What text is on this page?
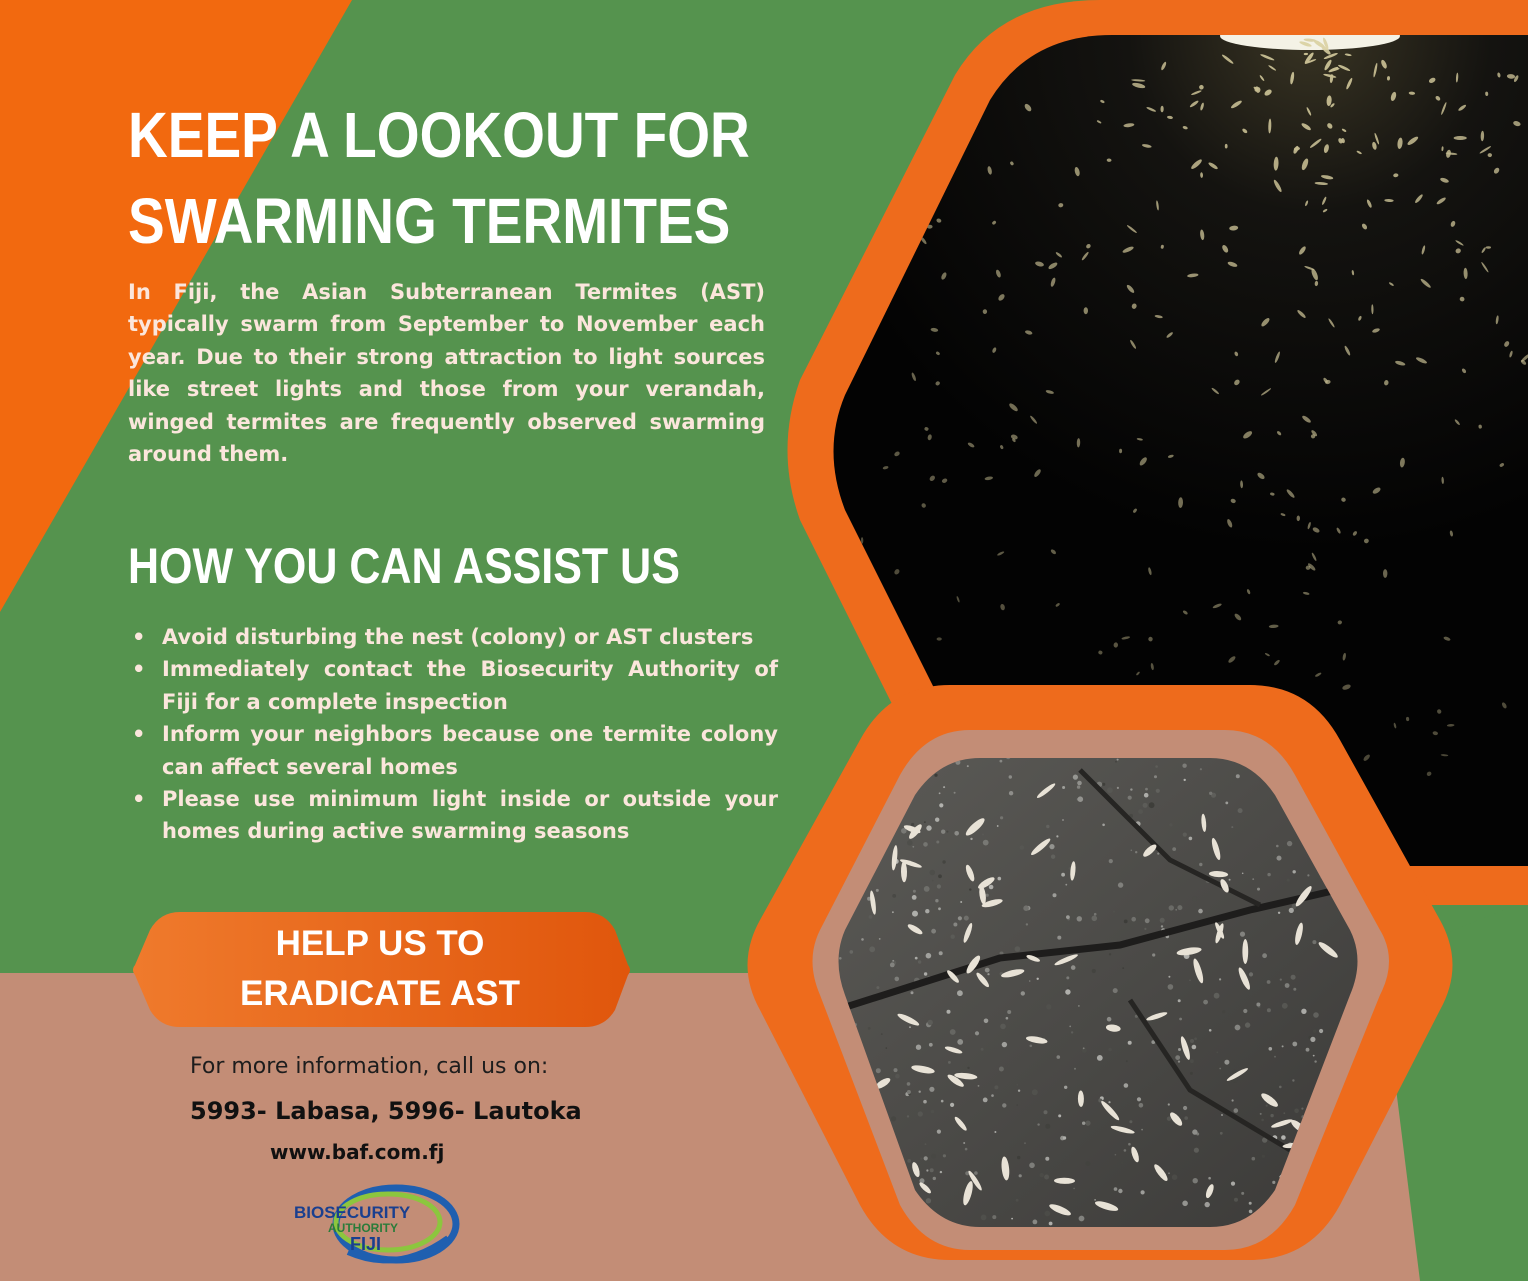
KEEP A LOOKOUT FOR
SWARMING TERMITES

In Fiji, the Asian Subterranean Termites (AST) typically swarm from September to November each year. Due to their strong attraction to light sources like street lights and those from your verandah, winged termites are frequently observed swarming around them.

HOW YOU CAN ASSIST US
• Avoid disturbing the nest (colony) or AST clusters
• Immediately contact the Biosecurity Authority of Fiji for a complete inspection
• Inform your neighbors because one termite colony can affect several homes
• Please use minimum light inside or outside your homes during active swarming seasons

HELP US TO
ERADICATE AST

For more information, call us on:

5993- Labasa, 5996- Lautoka

www.baf.com.fj

BIOSECURITY
AUTHORITY
FIJI
